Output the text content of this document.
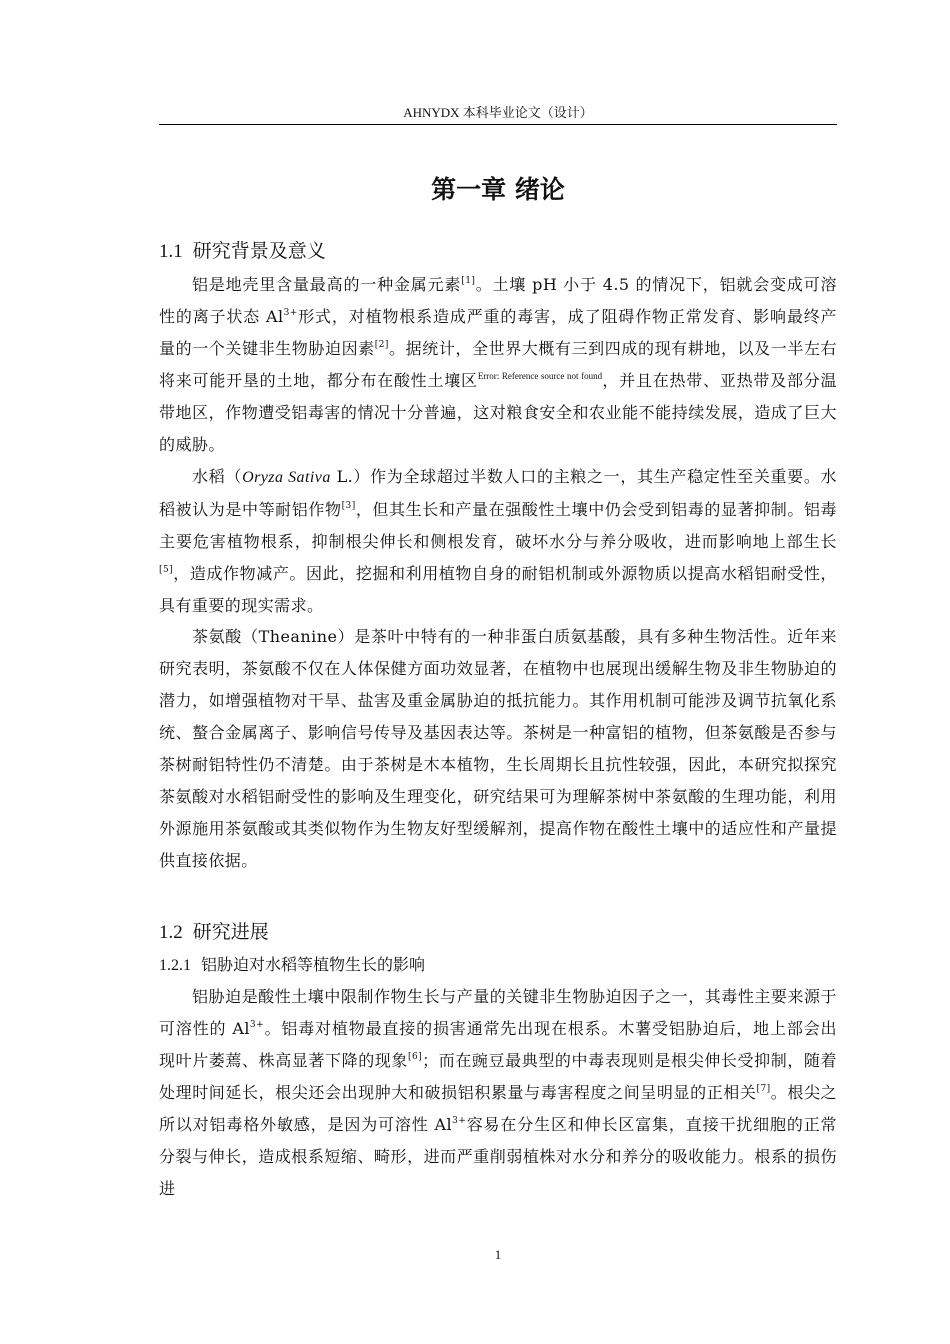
AHNYDX 本科毕业论文（设计）
第一章 绪论
1.1 研究背景及意义

铝是地壳里含量最高的一种金属元素[1]。土壤 pH 小于 4.5 的情况下，铝就会变成可溶性的离子状态 $Al^{3+}$形式，对植物根系造成严重的毒害，成了阻碍作物正常发育、影响最终产量的一个关键非生物胁迫因素[2]。据统计，全世界大概有三到四成的现有耕地，以及一半左右将来可能开垦的土地，都分布在酸性土壤区$^{Error: Reference source not found}$，并且在热带、亚热带及部分温带地区，作物遭受铝毒害的情况十分普遍，这对粮食安全和农业能不能持续发展，造成了巨大的威胁。

水稻（Oryza Sativa L.）作为全球超过半数人口的主粮之一，其生产稳定性至关重要。水稻被认为是中等耐铝作物[3]，但其生长和产量在强酸性土壤中仍会受到铝毒的显著抑制。铝毒主要危害植物根系，抑制根尖伸长和侧根发育，破坏水分与养分吸收，进而影响地上部生长[5]，造成作物减产。因此，挖掘和利用植物自身的耐铝机制或外源物质以提高水稻铝耐受性，具有重要的现实需求。

茶氨酸（Theanine）是茶叶中特有的一种非蛋白质氨基酸，具有多种生物活性。近年来研究表明，茶氨酸不仅在人体保健方面功效显著，在植物中也展现出缓解生物及非生物胁迫的潜力，如增强植物对干旱、盐害及重金属胁迫的抵抗能力。其作用机制可能涉及调节抗氧化系统、螯合金属离子、影响信号传导及基因表达等。茶树是一种富铝的植物，但茶氨酸是否参与茶树耐铝特性仍不清楚。由于茶树是木本植物，生长周期长且抗性较强，因此，本研究拟探究茶氨酸对水稻铝耐受性的影响及生理变化，研究结果可为理解茶树中茶氨酸的生理功能，利用外源施用茶氨酸或其类似物作为生物友好型缓解剂，提高作物在酸性土壤中的适应性和产量提供直接依据。

1.2 研究进展
1.2.1 铝胁迫对水稻等植物生长的影响

铝胁迫是酸性土壤中限制作物生长与产量的关键非生物胁迫因子之一，其毒性主要来源于可溶性的 $Al^{3+}$。铝毒对植物最直接的损害通常先出现在根系。木薯受铝胁迫后，地上部会出现叶片萎蔫、株高显著下降的现象[6]；而在豌豆最典型的中毒表现则是根尖伸长受抑制，随着处理时间延长，根尖还会出现肿大和破损铝积累量与毒害程度之间呈明显的正相关[7]。根尖之所以对铝毒格外敏感，是因为可溶性 $Al^{3+}$容易在分生区和伸长区富集，直接干扰细胞的正常分裂与伸长，造成根系短缩、畸形，进而严重削弱植株对水分和养分的吸收能力。根系的损伤进

1
